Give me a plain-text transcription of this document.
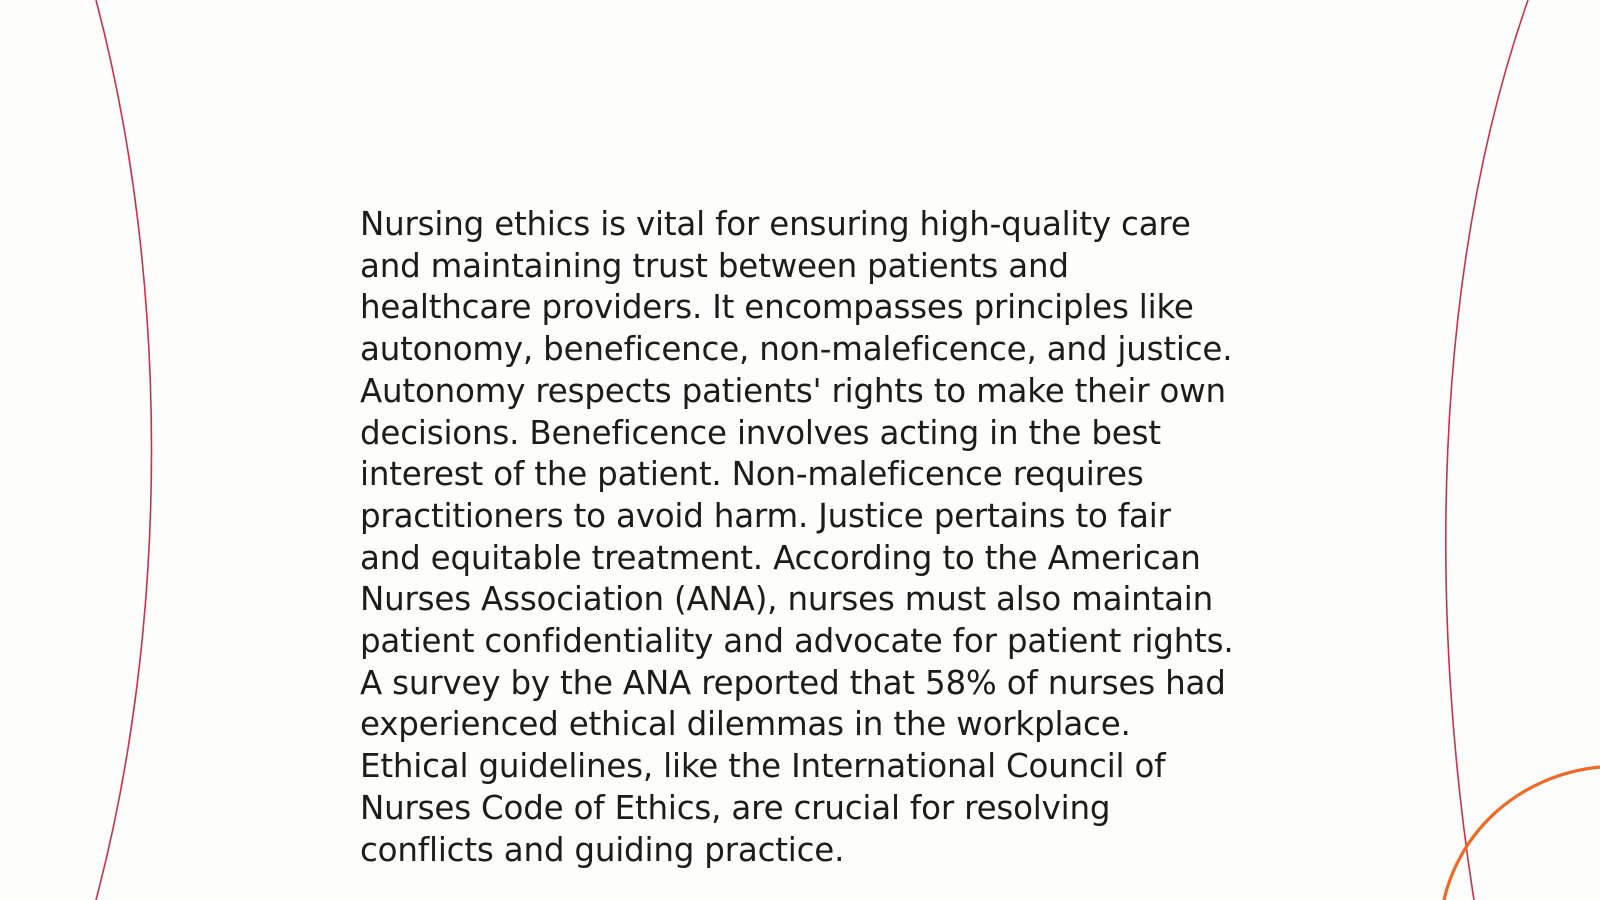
Nursing ethics is vital for ensuring high-quality care
and maintaining trust between patients and
healthcare providers. It encompasses principles like
autonomy, beneficence, non-maleficence, and justice.
Autonomy respects patients' rights to make their own
decisions. Beneficence involves acting in the best
interest of the patient. Non-maleficence requires
practitioners to avoid harm. Justice pertains to fair
and equitable treatment. According to the American
Nurses Association (ANA), nurses must also maintain
patient confidentiality and advocate for patient rights.
A survey by the ANA reported that 58% of nurses had
experienced ethical dilemmas in the workplace.
Ethical guidelines, like the International Council of
Nurses Code of Ethics, are crucial for resolving
conflicts and guiding practice.
